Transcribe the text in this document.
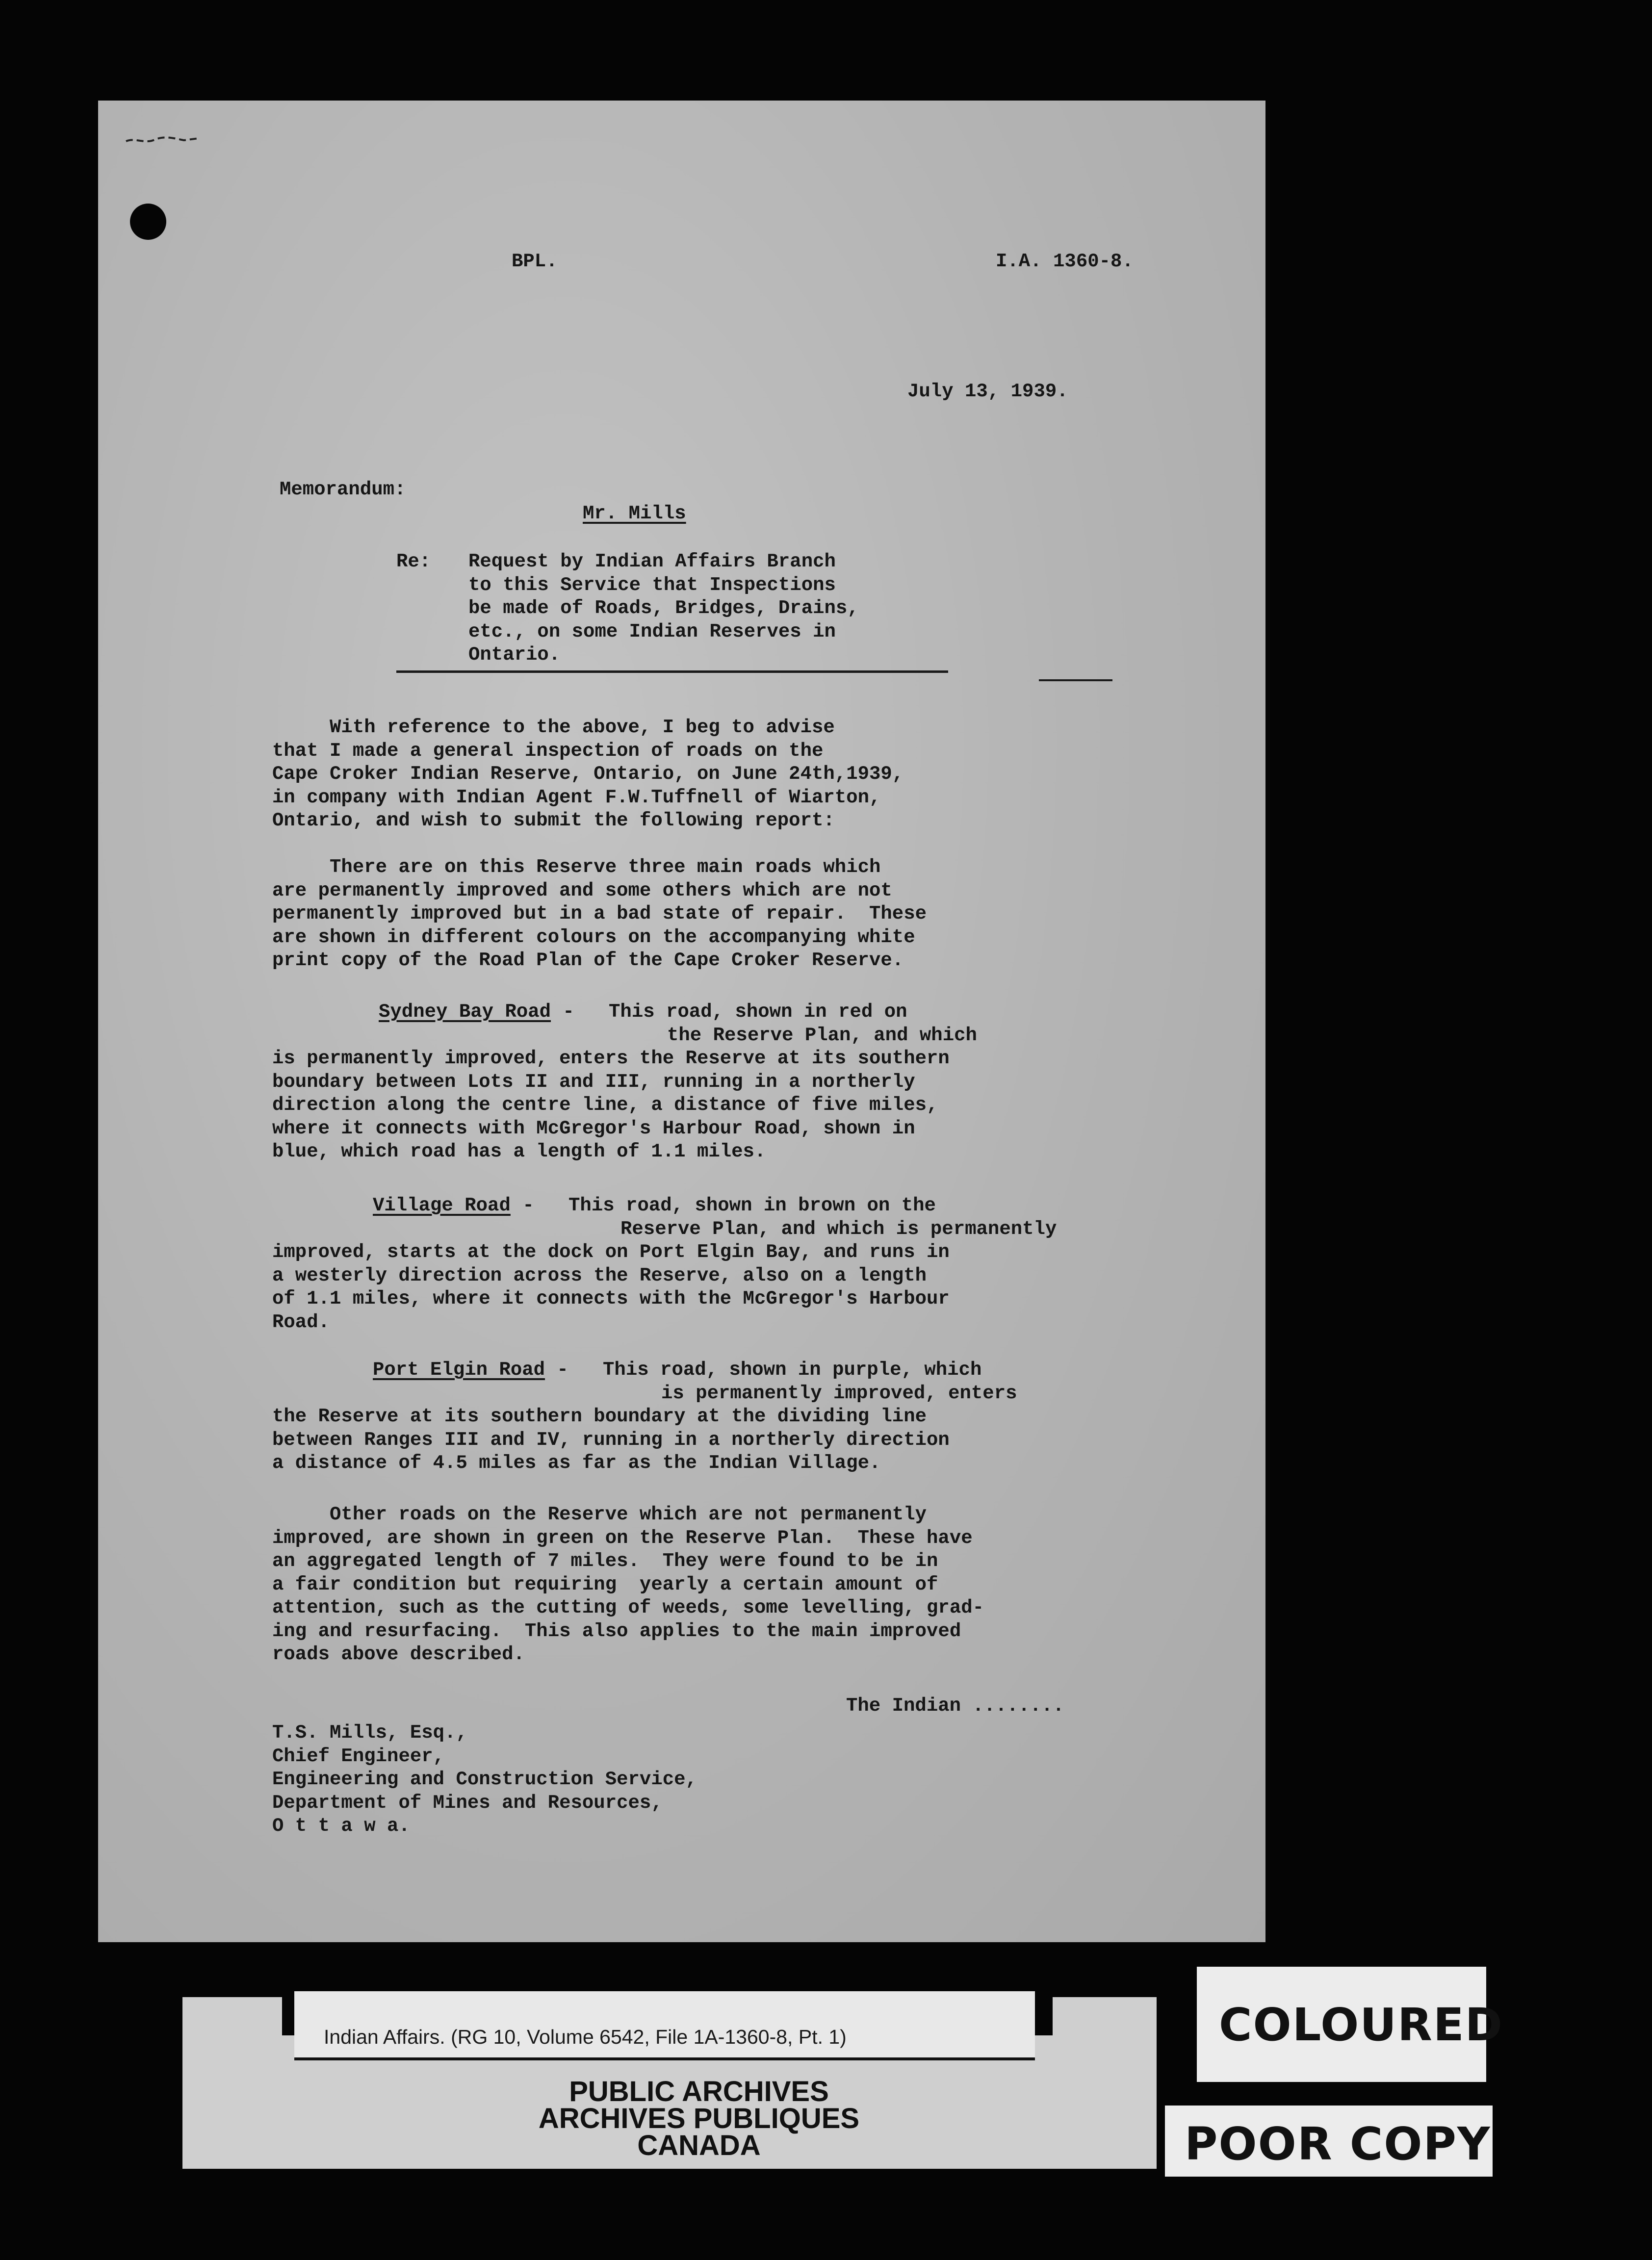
BPL.	I.A. 1360-8.
July 13, 1939.
Memorandum:
Mr. Mills
Re: Request by Indian Affairs Branch
to this Service that Inspections
be made of Roads, Bridges, Drains,
etc., on some Indian Reserves in
Ontario.
With reference to the above, I beg to advise
that I made a general inspection of roads on the
Cape Croker Indian Reserve, Ontario, on June 24th,1939,
in company with Indian Agent F.W.Tuffnell of Wiarton,
Ontario, and wish to submit the following report:
There are on this Reserve three main roads which
are permanently improved and some others which are not
permanently improved but in a bad state of repair.  These
are shown in different colours on the accompanying white
print copy of the Road Plan of the Cape Croker Reserve.
Sydney Bay Road -   This road, shown in red on
the Reserve Plan, and which
is permanently improved, enters the Reserve at its southern
boundary between Lots II and III, running in a northerly
direction along the centre line, a distance of five miles,
where it connects with McGregor's Harbour Road, shown in
blue, which road has a length of 1.1 miles.
Village Road -   This road, shown in brown on the
Reserve Plan, and which is permanently
improved, starts at the dock on Port Elgin Bay, and runs in
a westerly direction across the Reserve, also on a length
of 1.1 miles, where it connects with the McGregor's Harbour
Road.
Port Elgin Road -   This road, shown in purple, which
is permanently improved, enters
the Reserve at its southern boundary at the dividing line
between Ranges III and IV, running in a northerly direction
a distance of 4.5 miles as far as the Indian Village.
Other roads on the Reserve which are not permanently
improved, are shown in green on the Reserve Plan.  These have
an aggregated length of 7 miles.  They were found to be in
a fair condition but requiring  yearly a certain amount of
attention, such as the cutting of weeds, some levelling, grad-
ing and resurfacing.  This also applies to the main improved
roads above described.
The Indian ........
T.S. Mills, Esq.,
Chief Engineer,
Engineering and Construction Service,
Department of Mines and Resources,
O t t a w a.
Indian Affairs. (RG 10, Volume 6542, File 1A-1360-8, Pt. 1)
PUBLIC ARCHIVES
ARCHIVES PUBLIQUES
CANADA
COLOURED
POOR COPY
